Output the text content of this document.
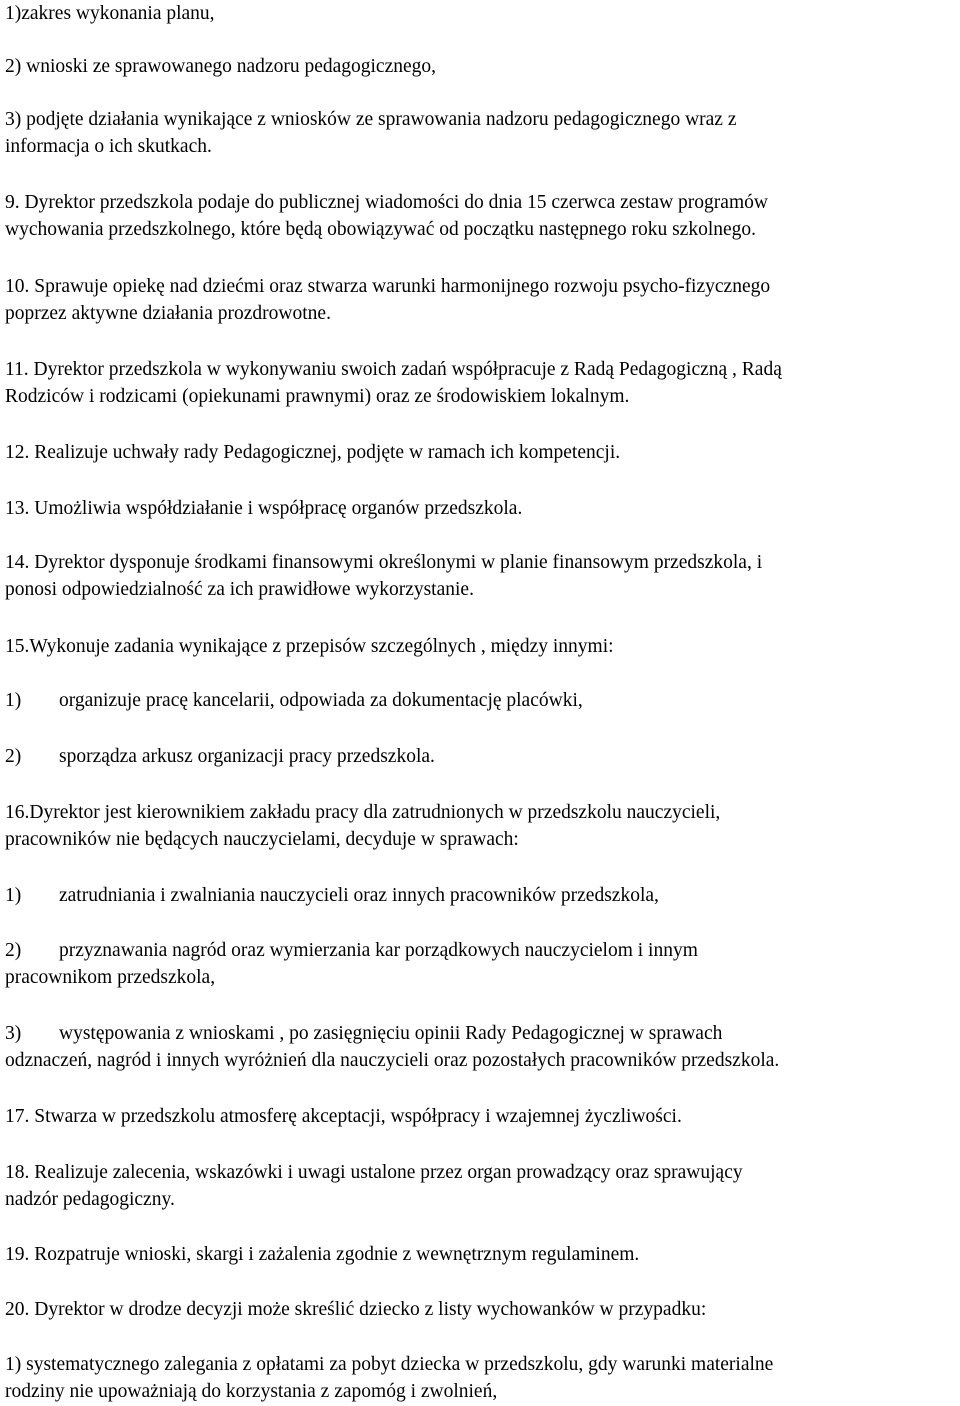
1)zakres wykonania planu,
2) wnioski ze sprawowanego nadzoru pedagogicznego,
3) podjęte działania wynikające z wniosków ze sprawowania nadzoru pedagogicznego wraz z
informacja o ich skutkach.
9. Dyrektor przedszkola podaje do publicznej wiadomości do dnia 15 czerwca zestaw programów
wychowania przedszkolnego, które będą obowiązywać od początku następnego roku szkolnego.
10. Sprawuje opiekę nad dziećmi oraz stwarza warunki harmonijnego rozwoju psycho-fizycznego
poprzez aktywne działania prozdrowotne.
11. Dyrektor przedszkola w wykonywaniu swoich zadań współpracuje z Radą Pedagogiczną , Radą
Rodziców i rodzicami (opiekunami prawnymi) oraz ze środowiskiem lokalnym.
12. Realizuje uchwały rady Pedagogicznej, podjęte w ramach ich kompetencji.
13. Umożliwia współdziałanie i współpracę organów przedszkola.
14. Dyrektor dysponuje środkami finansowymi określonymi w planie finansowym przedszkola, i
ponosi odpowiedzialność za ich prawidłowe wykorzystanie.
15.Wykonuje zadania wynikające z przepisów szczególnych , między innymi:
1) organizuje pracę kancelarii, odpowiada za dokumentację placówki,
2) sporządza arkusz organizacji pracy przedszkola.
16.Dyrektor jest kierownikiem zakładu pracy dla zatrudnionych w przedszkolu nauczycieli,
pracowników nie będących nauczycielami, decyduje w sprawach:
1) zatrudniania i zwalniania nauczycieli oraz innych pracowników przedszkola,
2) przyznawania nagród oraz wymierzania kar porządkowych nauczycielom i innym
pracownikom przedszkola,
3) występowania z wnioskami , po zasięgnięciu opinii Rady Pedagogicznej w sprawach
odznaczeń, nagród i innych wyróżnień dla nauczycieli oraz pozostałych pracowników przedszkola.
17. Stwarza w przedszkolu atmosferę akceptacji, współpracy i wzajemnej życzliwości.
18. Realizuje zalecenia, wskazówki i uwagi ustalone przez organ prowadzący oraz sprawujący
nadzór pedagogiczny.
19. Rozpatruje wnioski, skargi i zażalenia zgodnie z wewnętrznym regulaminem.
20. Dyrektor w drodze decyzji może skreślić dziecko z listy wychowanków w przypadku:
1) systematycznego zalegania z opłatami za pobyt dziecka w przedszkolu, gdy warunki materialne
rodziny nie upoważniają do korzystania z zapomóg i zwolnień,
